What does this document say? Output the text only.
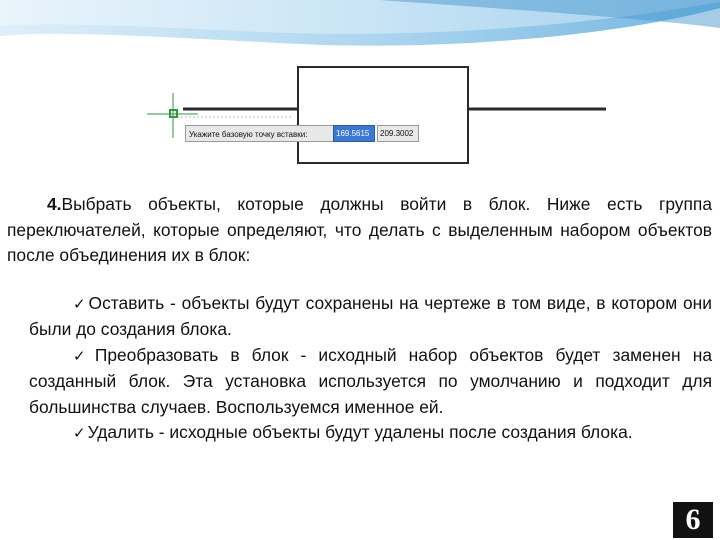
Укажите базовую точку вставки:	169.5615	209.3002

4.Выбрать объекты, которые должны войти в блок. Ниже есть группа переключателей, которые определяют, что делать с выделенным набором объектов после объединения их в блок:

✓ Оставить - объекты будут сохранены на чертеже в том виде, в котором они были до создания блока.
✓ Преобразовать в блок - исходный набор объектов будет заменен на созданный блок. Эта установка используется по умолчанию и подходит для большинства случаев. Воспользуемся именное ей.
✓ Удалить - исходные объекты будут удалены после создания блока.
6
